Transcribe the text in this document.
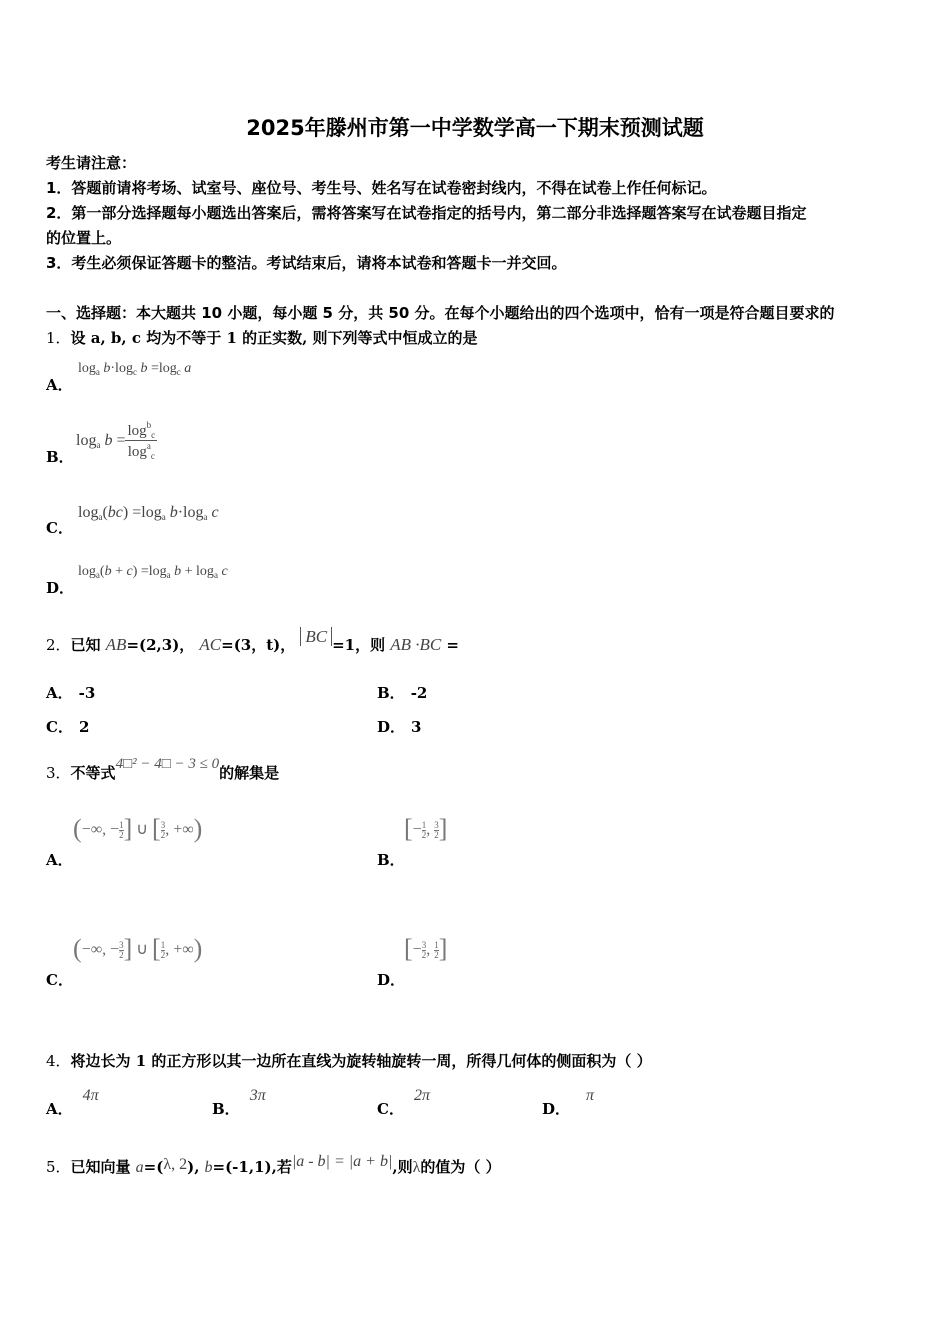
2025年滕州市第一中学数学高一下期末预测试题
考生请注意：
1．答题前请将考场、试室号、座位号、考生号、姓名写在试卷密封线内，不得在试卷上作任何标记。
2．第一部分选择题每小题选出答案后，需将答案写在试卷指定的括号内，第二部分非选择题答案写在试卷题目指定
的位置上。
3．考生必须保证答题卡的整洁。考试结束后，请将本试卷和答题卡一并交回。
一、选择题：本大题共 10 小题，每小题 5 分，共 50 分。在每个小题给出的四个选项中，恰有一项是符合题目要求的
1．设 a, b, c 均为不等于 1 的正实数, 则下列等式中恒成立的是
A．
$\log_a b\cdot\log_c$ $b =\log_c$ a
B．
$\log_a b = \frac{\log^b_c}{\log^a_c}$
C．
$\log_a(bc) =\log_a$ $b\cdot\log_a$ c
D．
$\log_a(b + c) =\log_a$ $b + \log_a c$
2．已知 AB=(2,3)， AC=(3，t)， BC =1，则 AB ·BC =
A． -3	B． -2
C． 2	D． 3
3．不等式4□² − 4□ − 3 ≤ 0的解集是
A．
(−∞, − $\frac{1}{2}$ ] ∪ [ $\frac{3}{2}$ , +∞)
B．
[− $\frac{1}{2}$ , $\frac{3}{2}$ ]
C．
(−∞, − $\frac{3}{2}$ ] ∪ [ $\frac{1}{2}$ , +∞)
D．
[− $\frac{3}{2}$ , $\frac{1}{2}$ ]
4．将边长为 1 的正方形以其一边所在直线为旋转轴旋转一周，所得几何体的侧面积为（ ）
A．4π
B．3π
C．2π
D．π
5．已知向量 a=(λ, 2), b=(-1,1),若|a - b| = |a + b|,则λ的值为（ ）
